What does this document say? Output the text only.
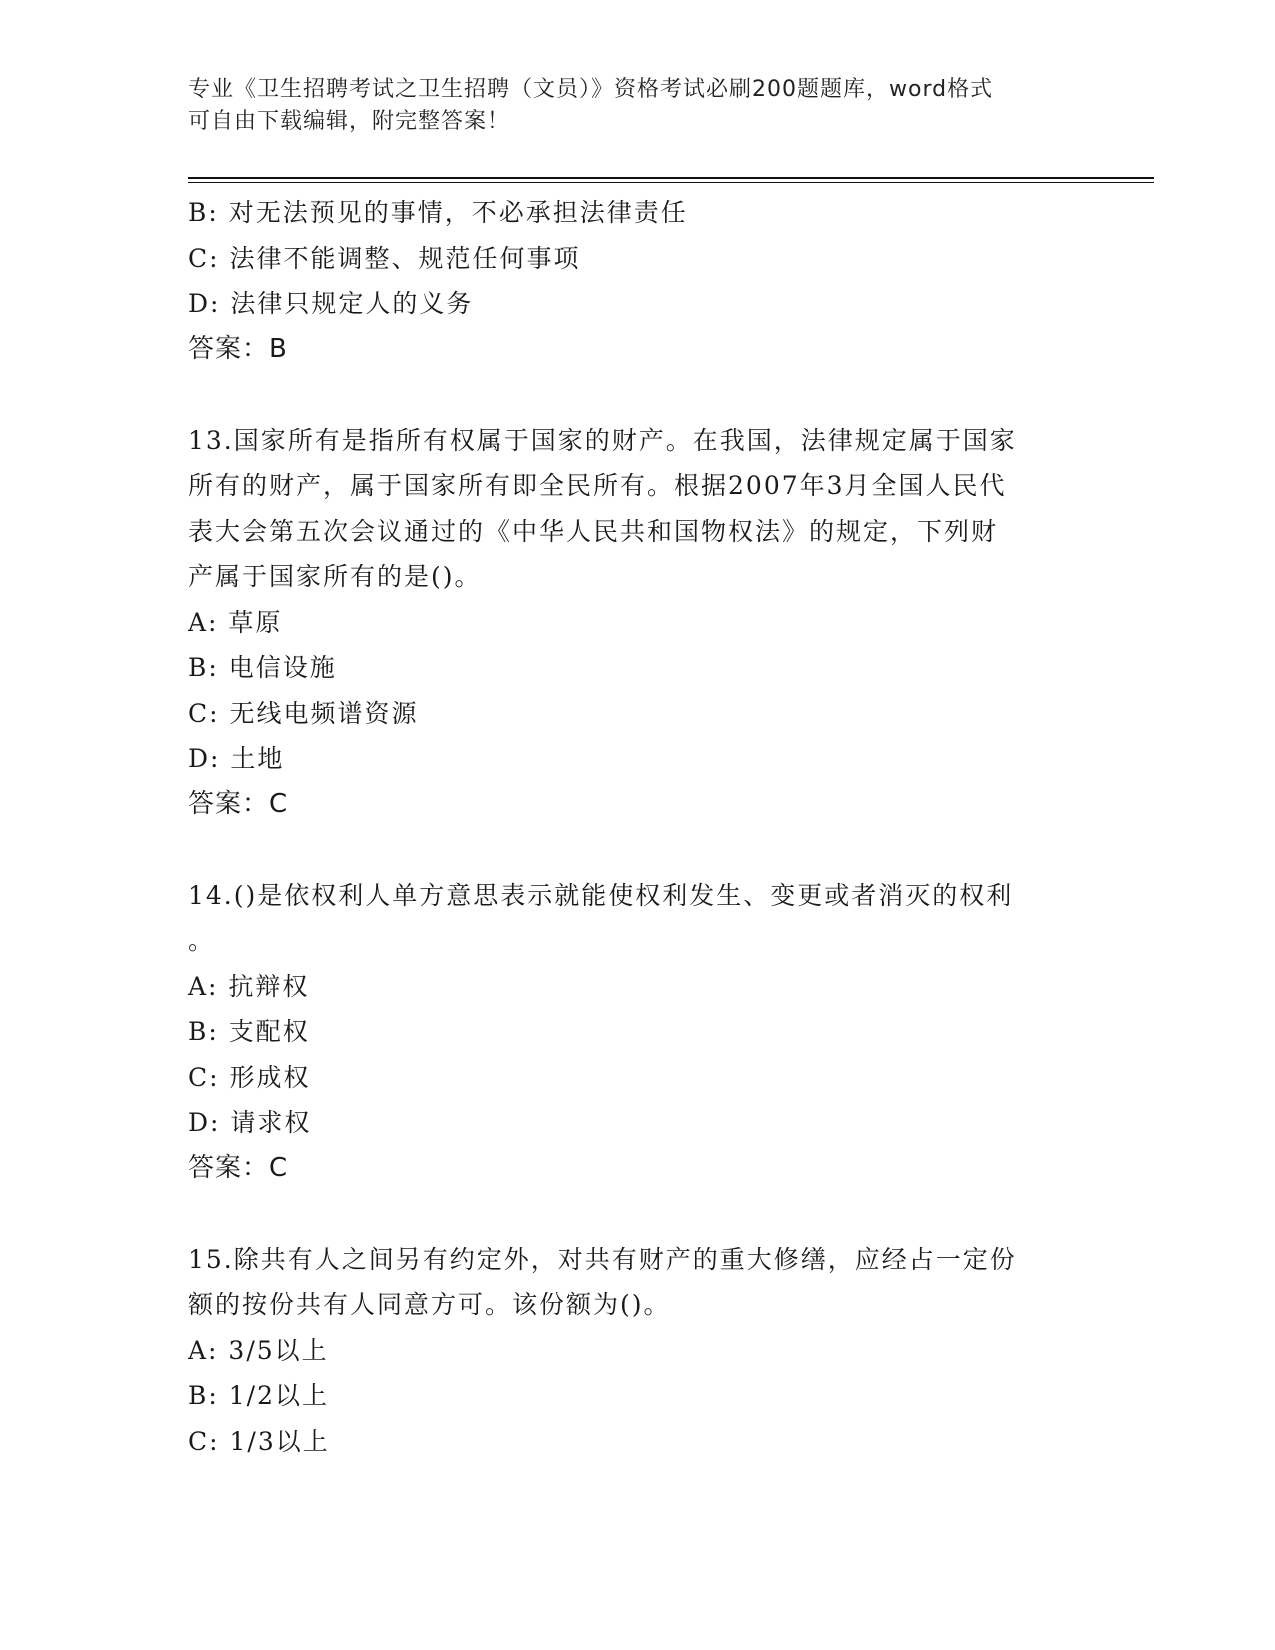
专业《卫生招聘考试之卫生招聘（文员）》资格考试必刷200题题库，word格式
可自由下载编辑，附完整答案！
B: 对无法预见的事情，不必承担法律责任
C: 法律不能调整、规范任何事项
D: 法律只规定人的义务
答案：B
13.国家所有是指所有权属于国家的财产。在我国，法律规定属于国家
所有的财产，属于国家所有即全民所有。根据2007年3月全国人民代
表大会第五次会议通过的《中华人民共和国物权法》的规定，下列财
产属于国家所有的是()。
A: 草原
B: 电信设施
C: 无线电频谱资源
D: 土地
答案：C
14.()是依权利人单方意思表示就能使权利发生、变更或者消灭的权利
。
A: 抗辩权
B: 支配权
C: 形成权
D: 请求权
答案：C
15.除共有人之间另有约定外，对共有财产的重大修缮，应经占一定份
额的按份共有人同意方可。该份额为()。
A: 3/5以上
B: 1/2以上
C: 1/3以上
